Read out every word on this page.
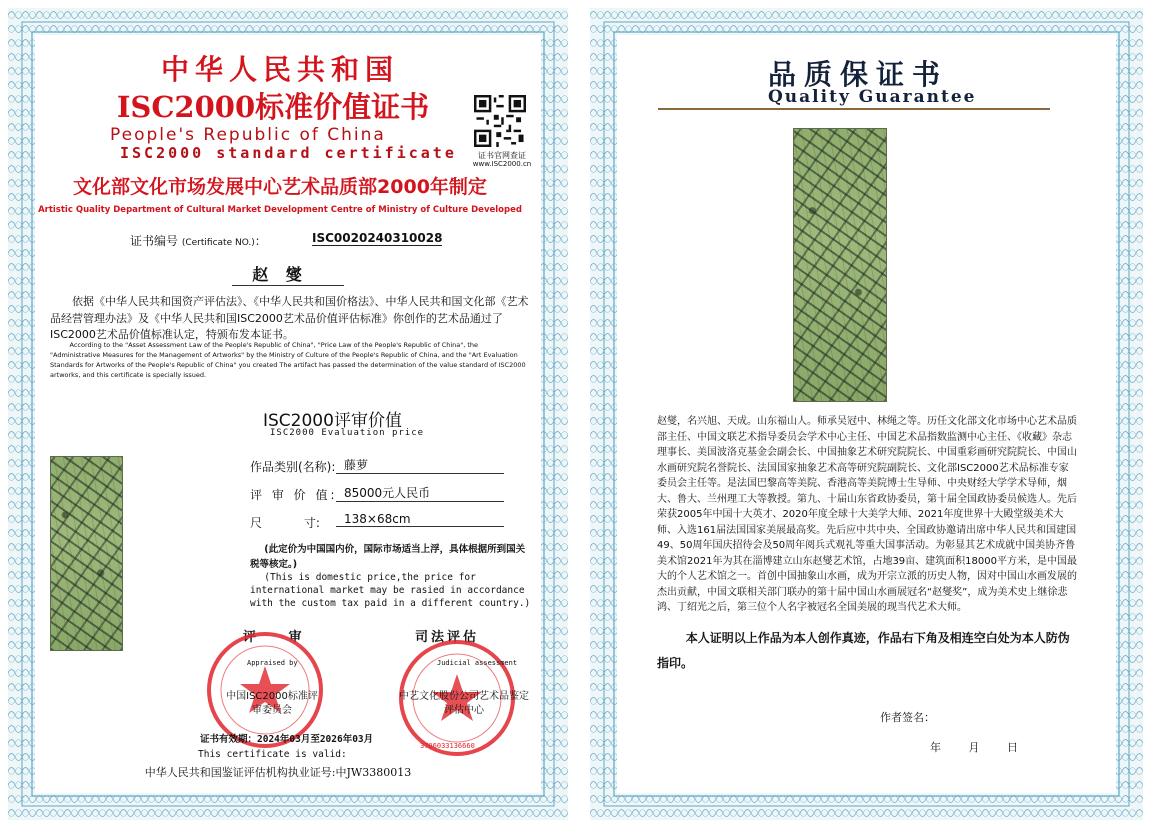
中华人民共和国
ISC2000标准价值证书
People's Republic of China
ISC2000 standard certificate	证书官网查证
www.ISC2000.cn
文化部文化市场发展中心艺术品质部2000年制定
Artistic Quality Department of Cultural Market Development Centre of Ministry of Culture Developed
证书编号 (Certificate NO.)：	ISC0020240310028
赵 燮
依据《中华人民共和国资产评估法》、《中华人民共和国价格法》、中华人民共和国文化部《艺术品经营管理办法》及《中华人民共和国ISC2000艺术品价值评估标准》你创作的艺术品通过了ISC2000艺术品价值标准认定，特颁布发本证书。
According to the "Asset Assessment Law of the People's Republic of China", "Price Law of the People's Republic of China", the "Administrative Measures for the Management of Artworks" by the Ministry of Culture of the People's Republic of China, and the "Art Evaluation Standards for Artworks of the People's Republic of China" you created The artifact has passed the determination of the value standard of ISC2000 artworks, and this certificate is specially issued.
ISC2000评审价值
ISC2000 Evaluation price
作品类别(名称): 藤萝
评 审 价 值: 85000元人民币
尺 寸:	138×68cm
(此定价为中国国内价，国际市场适当上浮，具体根据所到国关税等核定。)
(This is domestic price,the price for international market may be rasied in accordance with the custom tax paid in a different country.)
评 审	司法评估
Appraised by
中国ISC2000标准评审委员会
Judicial assessment
中艺文化股份公司艺术品鉴定评估中心
3706033136660
证书有效期：2024年03月至2026年03月
This certificate is valid:
中华人民共和国鉴证评估机构执业证号:中JW3380013
品质保证书
Quality Guarantee
赵燮，名兴旭、天成。山东福山人。师承吴冠中、林绳之等。历任文化部文化市场中心艺术品质部主任、中国文联艺术指导委员会学术中心主任、中国艺术品指数监测中心主任、《收藏》杂志理事长、美国波洛克基金会副会长、中国抽象艺术研究院院长、中国重彩画研究院院长、中国山水画研究院名誉院长、法国国家抽象艺术高等研究院副院长、文化部ISC2000艺术品标准专家委员会主任等。是法国巴黎高等美院、香港高等美院博士生导师、中央财经大学学术导师，烟大、鲁大、兰州理工大等教授。第九、十届山东省政协委员，第十届全国政协委员候选人。先后荣获2005年中国十大英才、2020年度全球十大美学大师、2021年度世界十大殿堂级美术大师、入选161届法国国家美展最高奖。先后应中共中央、全国政协邀请出席中华人民共和国建国49、50周年国庆招待会及50周年阅兵式观礼等重大国事活动。为彰显其艺术成就中国美协齐鲁美术馆2021年为其在淄博建立山东赵燮艺术馆，占地39亩、建筑面积18000平方米，是中国最大的个人艺术馆之一。首创中国抽象山水画，成为开宗立派的历史人物，因对中国山水画发展的杰出贡献，中国文联相关部门联办的第十届中国山水画展冠名“赵燮奖”，成为美术史上继徐悲鸿、丁绍光之后，第三位个人名字被冠名全国美展的现当代艺术大师。
本人证明以上作品为本人创作真迹，作品右下角及相连空白处为本人防伪指印。
作者签名：
年 月 日
